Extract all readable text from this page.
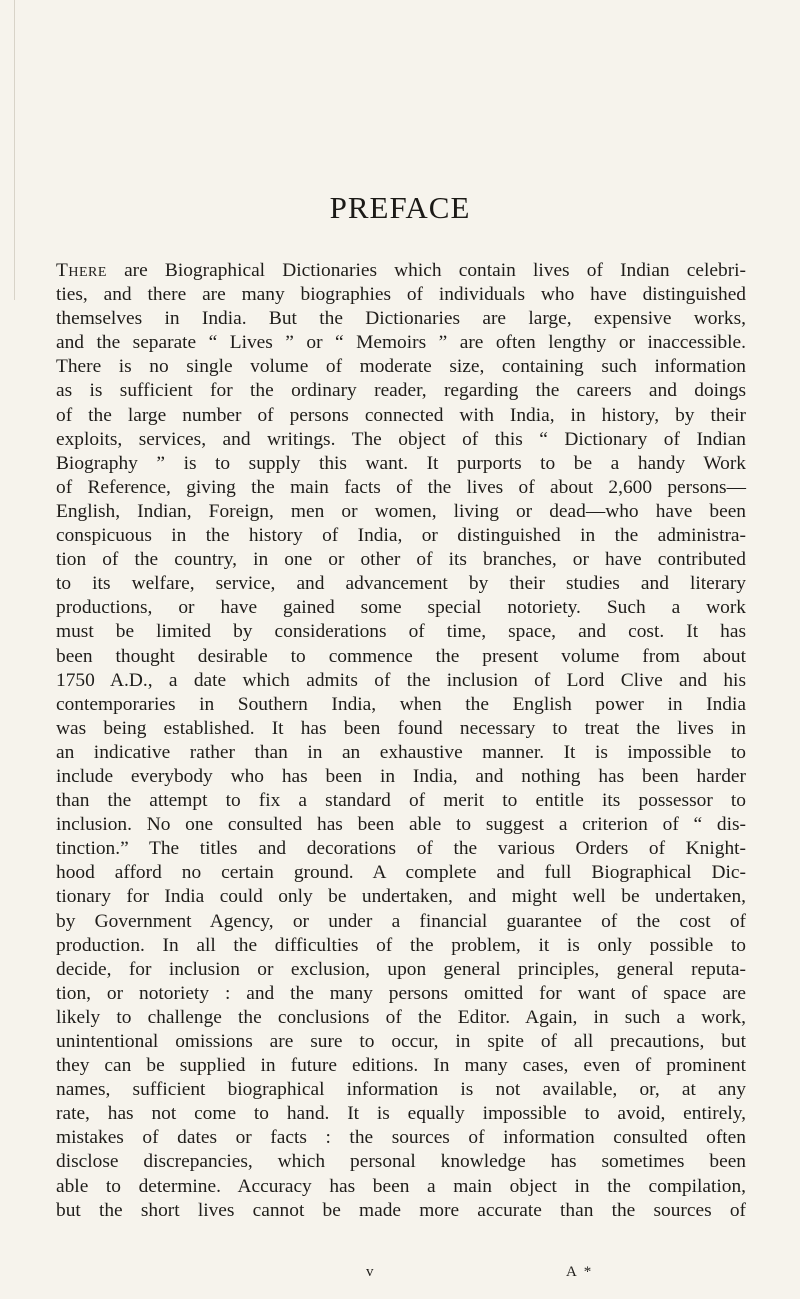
PREFACE
There are Biographical Dictionaries which contain lives of Indian celebri-
ties, and there are many biographies of individuals who have distinguished
themselves in India. But the Dictionaries are large, expensive works,
and the separate “ Lives ” or “ Memoirs ” are often lengthy or inaccessible.
There is no single volume of moderate size, containing such information
as is sufficient for the ordinary reader, regarding the careers and doings
of the large number of persons connected with India, in history, by their
exploits, services, and writings. The object of this “ Dictionary of Indian
Biography ” is to supply this want. It purports to be a handy Work
of Reference, giving the main facts of the lives of about 2,600 persons—
English, Indian, Foreign, men or women, living or dead—who have been
conspicuous in the history of India, or distinguished in the administra-
tion of the country, in one or other of its branches, or have contributed
to its welfare, service, and advancement by their studies and literary
productions, or have gained some special notoriety. Such a work
must be limited by considerations of time, space, and cost. It has
been thought desirable to commence the present volume from about
1750 A.D., a date which admits of the inclusion of Lord Clive and his
contemporaries in Southern India, when the English power in India
was being established. It has been found necessary to treat the lives in
an indicative rather than in an exhaustive manner. It is impossible to
include everybody who has been in India, and nothing has been harder
than the attempt to fix a standard of merit to entitle its possessor to
inclusion. No one consulted has been able to suggest a criterion of “ dis-
tinction.” The titles and decorations of the various Orders of Knight-
hood afford no certain ground. A complete and full Biographical Dic-
tionary for India could only be undertaken, and might well be undertaken,
by Government Agency, or under a financial guarantee of the cost of
production. In all the difficulties of the problem, it is only possible to
decide, for inclusion or exclusion, upon general principles, general reputa-
tion, or notoriety : and the many persons omitted for want of space are
likely to challenge the conclusions of the Editor. Again, in such a work,
unintentional omissions are sure to occur, in spite of all precautions, but
they can be supplied in future editions. In many cases, even of prominent
names, sufficient biographical information is not available, or, at any
rate, has not come to hand. It is equally impossible to avoid, entirely,
mistakes of dates or facts : the sources of information consulted often
disclose discrepancies, which personal knowledge has sometimes been
able to determine. Accuracy has been a main object in the compilation,
but the short lives cannot be made more accurate than the sources of
v	A *
